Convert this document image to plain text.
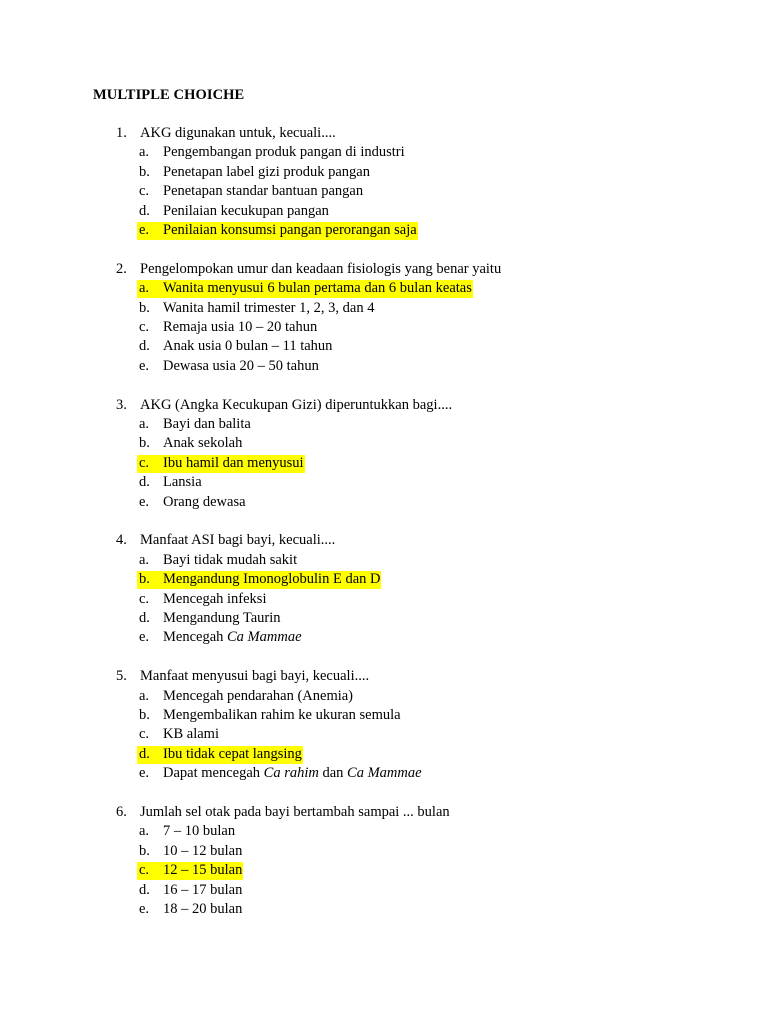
MULTIPLE CHOICHE
1. AKG digunakan untuk, kecuali....
a. Pengembangan produk pangan di industri
b. Penetapan label gizi produk pangan
c. Penetapan standar bantuan pangan
d. Penilaian kecukupan pangan
e. Penilaian konsumsi pangan perorangan saja
2. Pengelompokan umur dan keadaan fisiologis yang benar yaitu
a. Wanita menyusui 6 bulan pertama dan 6 bulan keatas
b. Wanita hamil trimester 1, 2, 3, dan 4
c. Remaja usia 10 – 20 tahun
d. Anak usia 0 bulan – 11 tahun
e. Dewasa usia 20 – 50 tahun
3. AKG (Angka Kecukupan Gizi) diperuntukkan bagi....
a. Bayi dan balita
b. Anak sekolah
c. Ibu hamil dan menyusui
d. Lansia
e. Orang dewasa
4. Manfaat ASI bagi bayi, kecuali....
a. Bayi tidak mudah sakit
b. Mengandung Imonoglobulin E dan D
c. Mencegah infeksi
d. Mengandung Taurin
e. Mencegah Ca Mammae
5. Manfaat menyusui bagi bayi, kecuali....
a. Mencegah pendarahan (Anemia)
b. Mengembalikan rahim ke ukuran semula
c. KB alami
d. Ibu tidak cepat langsing
e. Dapat mencegah Ca rahim dan Ca Mammae
6. Jumlah sel otak pada bayi bertambah sampai ... bulan
a. 7 – 10 bulan
b. 10 – 12 bulan
c. 12 – 15 bulan
d. 16 – 17 bulan
e. 18 – 20 bulan
